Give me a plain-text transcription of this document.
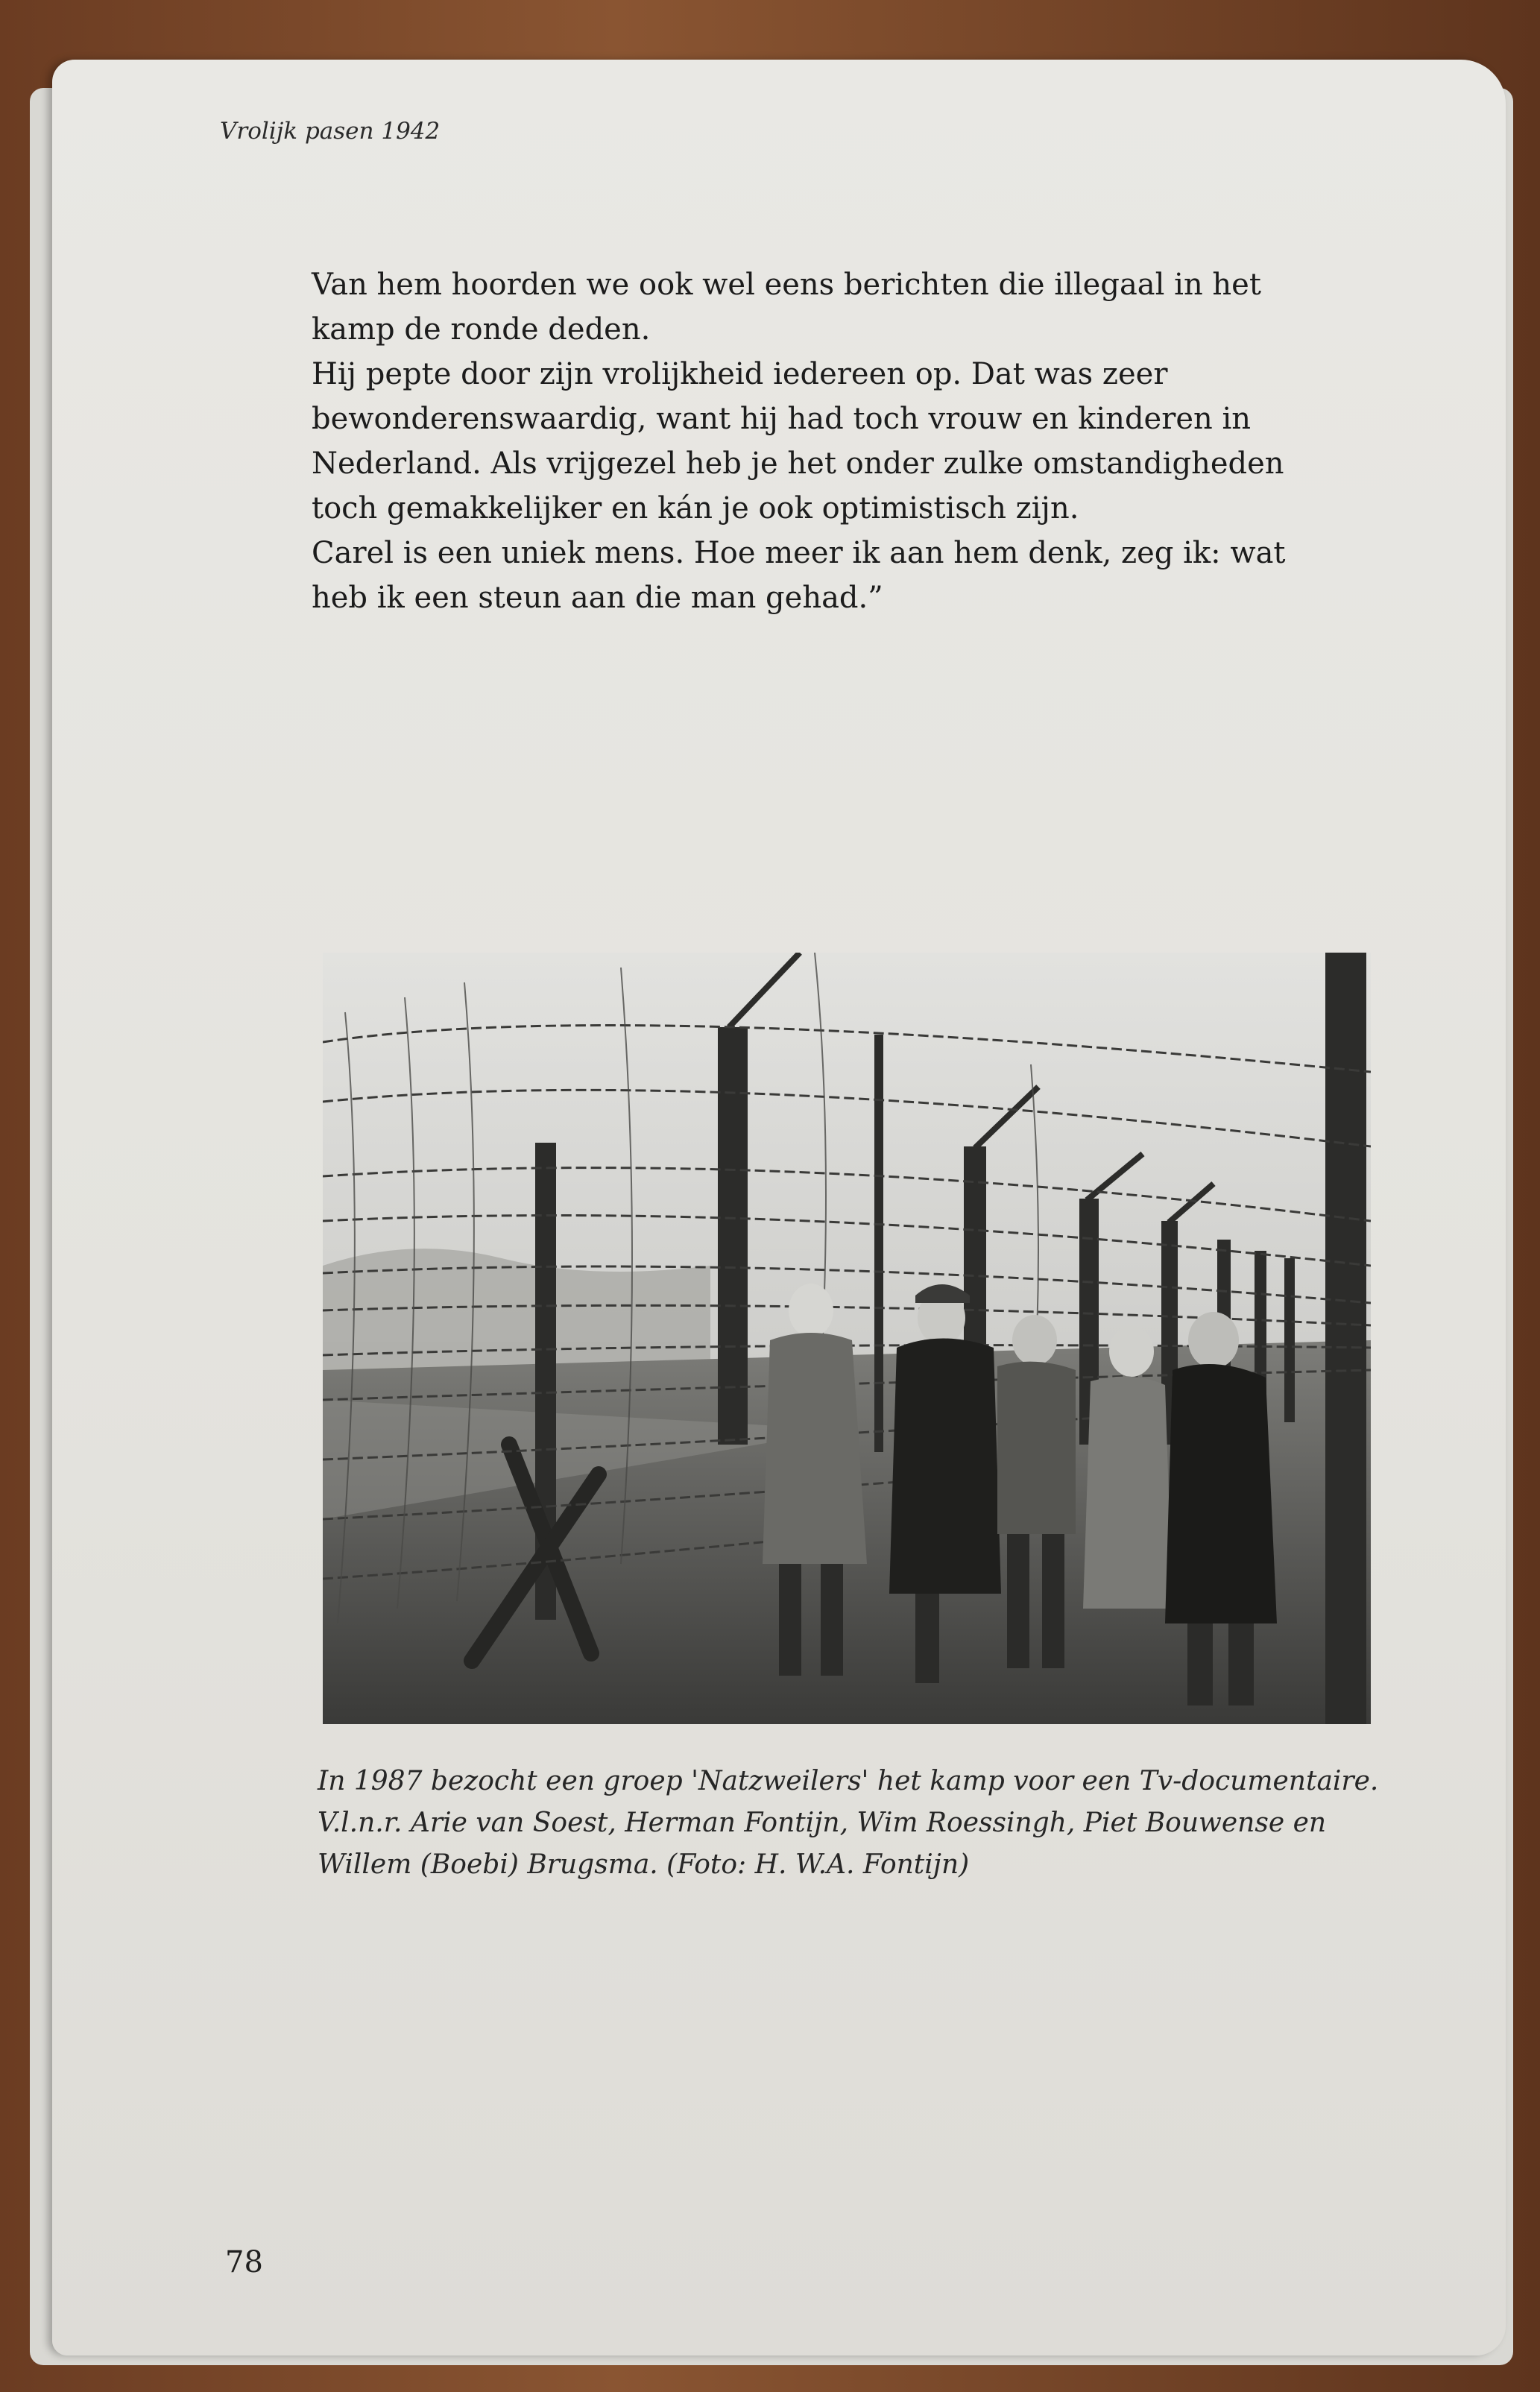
Vrolijk pasen 1942

Van hem hoorden we ook wel eens berichten die illegaal in het
kamp de ronde deden.
Hij pepte door zijn vrolijkheid iedereen op. Dat was zeer
bewonderenswaardig, want hij had toch vrouw en kinderen in
Nederland. Als vrijgezel heb je het onder zulke omstandigheden
toch gemakkelijker en kán je ook optimistisch zijn.
Carel is een uniek mens. Hoe meer ik aan hem denk, zeg ik: wat
heb ik een steun aan die man gehad.”

In 1987 bezocht een groep 'Natzweilers' het kamp voor een Tv-documentaire.
V.l.n.r. Arie van Soest, Herman Fontijn, Wim Roessingh, Piet Bouwense en
Willem (Boebi) Brugsma. (Foto: H. W.A. Fontijn)

78
